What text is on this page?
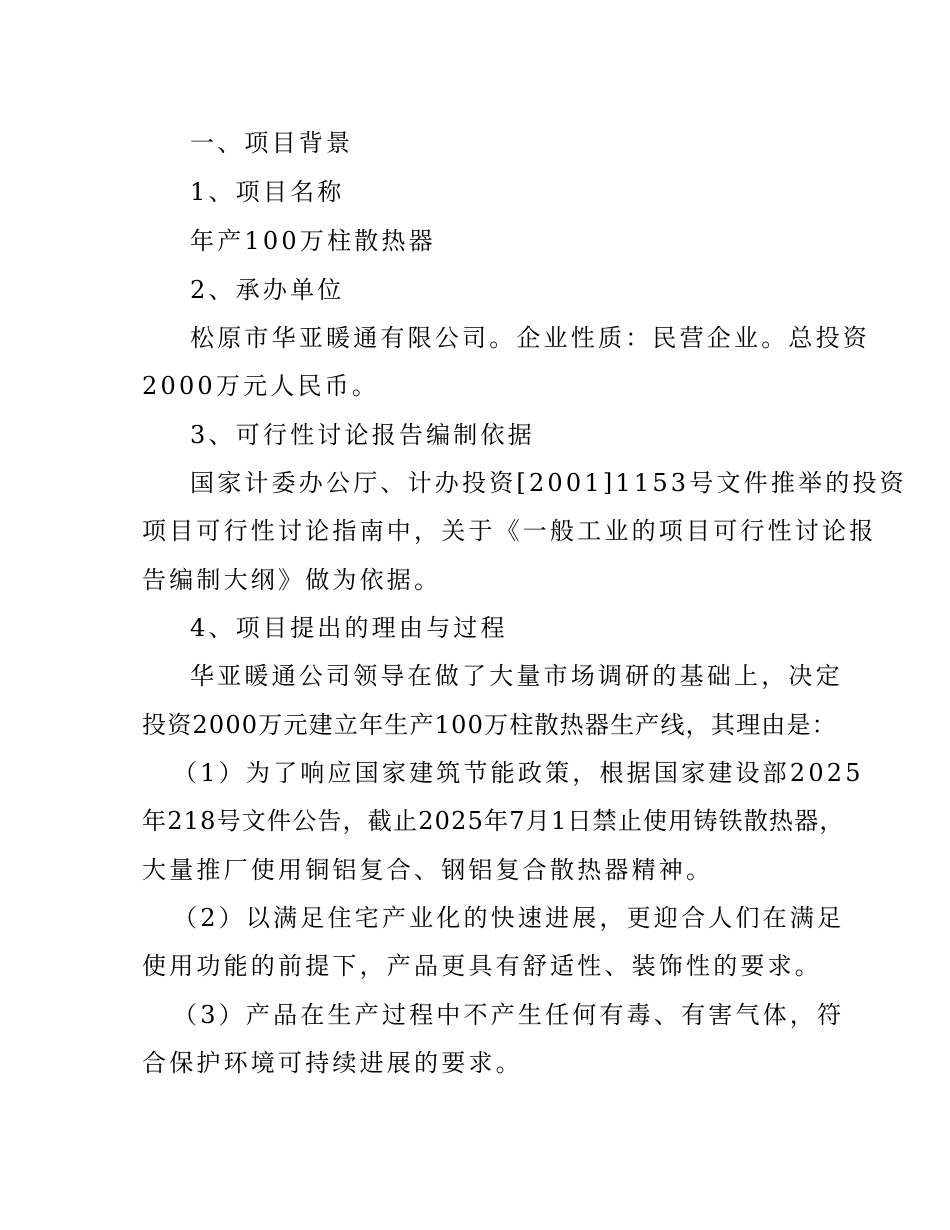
一、项目背景
1、项目名称
年产100万柱散热器
2、承办单位
松原市华亚暖通有限公司。企业性质：民营企业。总投资
2000万元人民币。
3、可行性讨论报告编制依据
国家计委办公厅、计办投资[2001]1153号文件推举的投资
项目可行性讨论指南中，关于《一般工业的项目可行性讨论报
告编制大纲》做为依据。
4、项目提出的理由与过程
华亚暖通公司领导在做了大量市场调研的基础上，决定
投资2000万元建立年生产100万柱散热器生产线，其理由是：
（1）为了响应国家建筑节能政策，根据国家建设部2025
年218号文件公告，截止2025年7月1日禁止使用铸铁散热器，
大量推厂使用铜铝复合、钢铝复合散热器精神。
（2）以满足住宅产业化的快速进展，更迎合人们在满足
使用功能的前提下，产品更具有舒适性、装饰性的要求。
（3）产品在生产过程中不产生任何有毒、有害气体，符
合保护环境可持续进展的要求。
